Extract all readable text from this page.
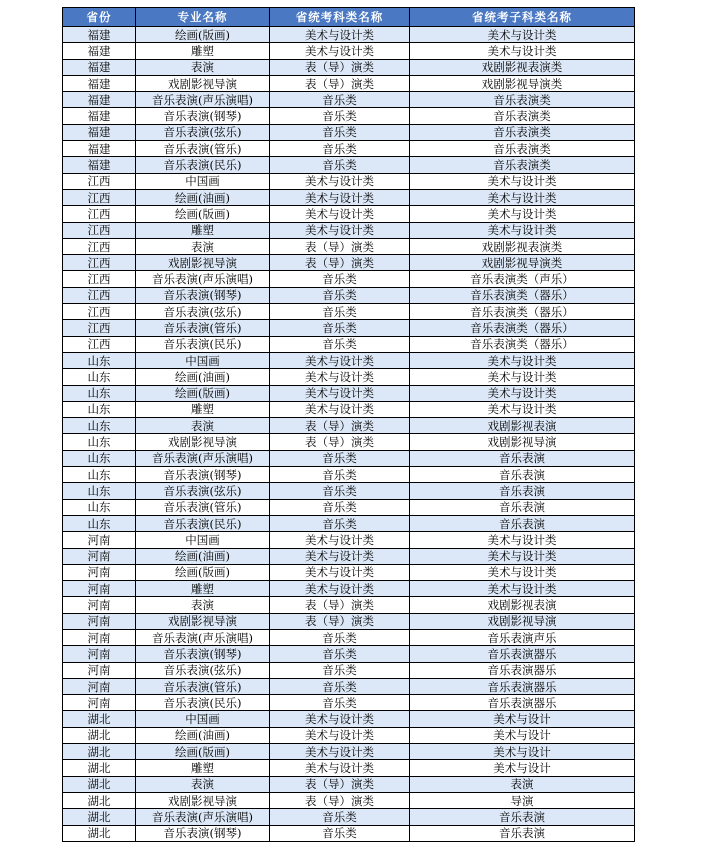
省份	专业名称	省统考科类名称	省统考子科类名称
福建	绘画(版画)	美术与设计类	美术与设计类
福建	雕塑	美术与设计类	美术与设计类
福建	表演	表（导）演类	戏剧影视表演类
福建	戏剧影视导演	表（导）演类	戏剧影视导演类
福建	音乐表演(声乐演唱)	音乐类	音乐表演类
福建	音乐表演(钢琴)	音乐类	音乐表演类
福建	音乐表演(弦乐)	音乐类	音乐表演类
福建	音乐表演(管乐)	音乐类	音乐表演类
福建	音乐表演(民乐)	音乐类	音乐表演类
江西	中国画	美术与设计类	美术与设计类
江西	绘画(油画)	美术与设计类	美术与设计类
江西	绘画(版画)	美术与设计类	美术与设计类
江西	雕塑	美术与设计类	美术与设计类
江西	表演	表（导）演类	戏剧影视表演类
江西	戏剧影视导演	表（导）演类	戏剧影视导演类
江西	音乐表演(声乐演唱)	音乐类	音乐表演类（声乐）
江西	音乐表演(钢琴)	音乐类	音乐表演类（器乐）
江西	音乐表演(弦乐)	音乐类	音乐表演类（器乐）
江西	音乐表演(管乐)	音乐类	音乐表演类（器乐）
江西	音乐表演(民乐)	音乐类	音乐表演类（器乐）
山东	中国画	美术与设计类	美术与设计类
山东	绘画(油画)	美术与设计类	美术与设计类
山东	绘画(版画)	美术与设计类	美术与设计类
山东	雕塑	美术与设计类	美术与设计类
山东	表演	表（导）演类	戏剧影视表演
山东	戏剧影视导演	表（导）演类	戏剧影视导演
山东	音乐表演(声乐演唱)	音乐类	音乐表演
山东	音乐表演(钢琴)	音乐类	音乐表演
山东	音乐表演(弦乐)	音乐类	音乐表演
山东	音乐表演(管乐)	音乐类	音乐表演
山东	音乐表演(民乐)	音乐类	音乐表演
河南	中国画	美术与设计类	美术与设计类
河南	绘画(油画)	美术与设计类	美术与设计类
河南	绘画(版画)	美术与设计类	美术与设计类
河南	雕塑	美术与设计类	美术与设计类
河南	表演	表（导）演类	戏剧影视表演
河南	戏剧影视导演	表（导）演类	戏剧影视导演
河南	音乐表演(声乐演唱)	音乐类	音乐表演声乐
河南	音乐表演(钢琴)	音乐类	音乐表演器乐
河南	音乐表演(弦乐)	音乐类	音乐表演器乐
河南	音乐表演(管乐)	音乐类	音乐表演器乐
河南	音乐表演(民乐)	音乐类	音乐表演器乐
湖北	中国画	美术与设计类	美术与设计
湖北	绘画(油画)	美术与设计类	美术与设计
湖北	绘画(版画)	美术与设计类	美术与设计
湖北	雕塑	美术与设计类	美术与设计
湖北	表演	表（导）演类	表演
湖北	戏剧影视导演	表（导）演类	导演
湖北	音乐表演(声乐演唱)	音乐类	音乐表演
湖北	音乐表演(钢琴)	音乐类	音乐表演
